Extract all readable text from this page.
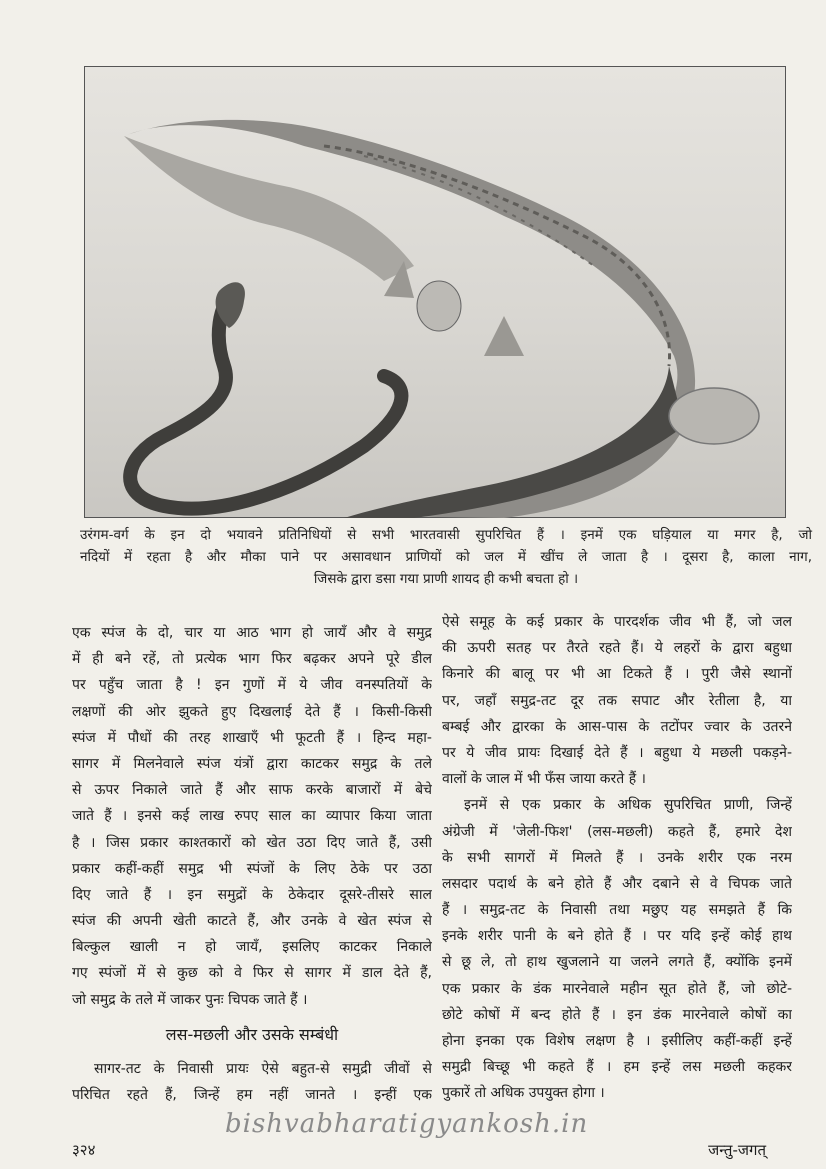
उरंगम-वर्ग के इन दो भयावने प्रतिनिधियों से सभी भारतवासी सुपरिचित हैं । इनमें एक घड़ियाल या मगर है, जो
नदियों में रहता है और मौका पाने पर असावधान प्राणियों को जल में खींच ले जाता है । दूसरा है, काला नाग,
जिसके द्वारा डसा गया प्राणी शायद ही कभी बचता हो ।
एक स्पंज के दो, चार या आठ भाग हो जायँ और वे समुद्र
में ही बने रहें, तो प्रत्येक भाग फिर बढ़कर अपने पूरे डील
पर पहुँच जाता है ! इन गुणों में ये जीव वनस्पतियों के
लक्षणों की ओर झुकते हुए दिखलाई देते हैं । किसी-किसी
स्पंज में पौधों की तरह शाखाएँ भी फूटती हैं । हिन्द महा-
सागर में मिलनेवाले स्पंज यंत्रों द्वारा काटकर समुद्र के तले
से ऊपर निकाले जाते हैं और साफ करके बाजारों में बेचे
जाते हैं । इनसे कई लाख रुपए साल का व्यापार किया जाता
है । जिस प्रकार काश्तकारों को खेत उठा दिए जाते हैं, उसी
प्रकार कहीं-कहीं समुद्र भी स्पंजों के लिए ठेके पर उठा
दिए जाते हैं । इन समुद्रों के ठेकेदार दूसरे-तीसरे साल
स्पंज की अपनी खेती काटते हैं, और उनके वे खेत स्पंज से
बिल्कुल खाली न हो जायँ, इसलिए काटकर निकाले
गए स्पंजों में से कुछ को वे फिर से सागर में डाल देते हैं,
जो समुद्र के तले में जाकर पुनः चिपक जाते हैं ।
लस-मछली और उसके सम्बंधी
सागर-तट के निवासी प्रायः ऐसे बहुत-से समुद्री जीवों से
परिचित रहते हैं, जिन्हें हम नहीं जानते । इन्हीं एक
ऐसे समूह के कई प्रकार के पारदर्शक जीव भी हैं, जो जल
की ऊपरी सतह पर तैरते रहते हैं। ये लहरों के द्वारा बहुधा
किनारे की बालू पर भी आ टिकते हैं । पुरी जैसे स्थानों
पर, जहाँ समुद्र-तट दूर तक सपाट और रेतीला है, या
बम्बई और द्वारका के आस-पास के तटोंपर ज्वार के उतरने
पर ये जीव प्रायः दिखाई देते हैं । बहुधा ये मछली पकड़ने-
वालों के जाल में भी फँस जाया करते हैं ।
इनमें से एक प्रकार के अधिक सुपरिचित प्राणी, जिन्हें
अंग्रेजी में 'जेली-फिश' (लस-मछली) कहते हैं, हमारे देश
के सभी सागरों में मिलते हैं । उनके शरीर एक नरम
लसदार पदार्थ के बने होते हैं और दबाने से वे चिपक जाते
हैं । समुद्र-तट के निवासी तथा मछुए यह समझते हैं कि
इनके शरीर पानी के बने होते हैं । पर यदि इन्हें कोई हाथ
से छू ले, तो हाथ खुजलाने या जलने लगते हैं, क्योंकि इनमें
एक प्रकार के डंक मारनेवाले महीन सूत होते हैं, जो छोटे-
छोटे कोषों में बन्द होते हैं । इन डंक मारनेवाले कोषों का
होना इनका एक विशेष लक्षण है । इसीलिए कहीं-कहीं इन्हें
समुद्री बिच्छू भी कहते हैं । हम इन्हें लस मछली कहकर
पुकारें तो अधिक उपयुक्त होगा ।
bishvabharatigyankosh.in
३२४	जन्तु-जगत्
